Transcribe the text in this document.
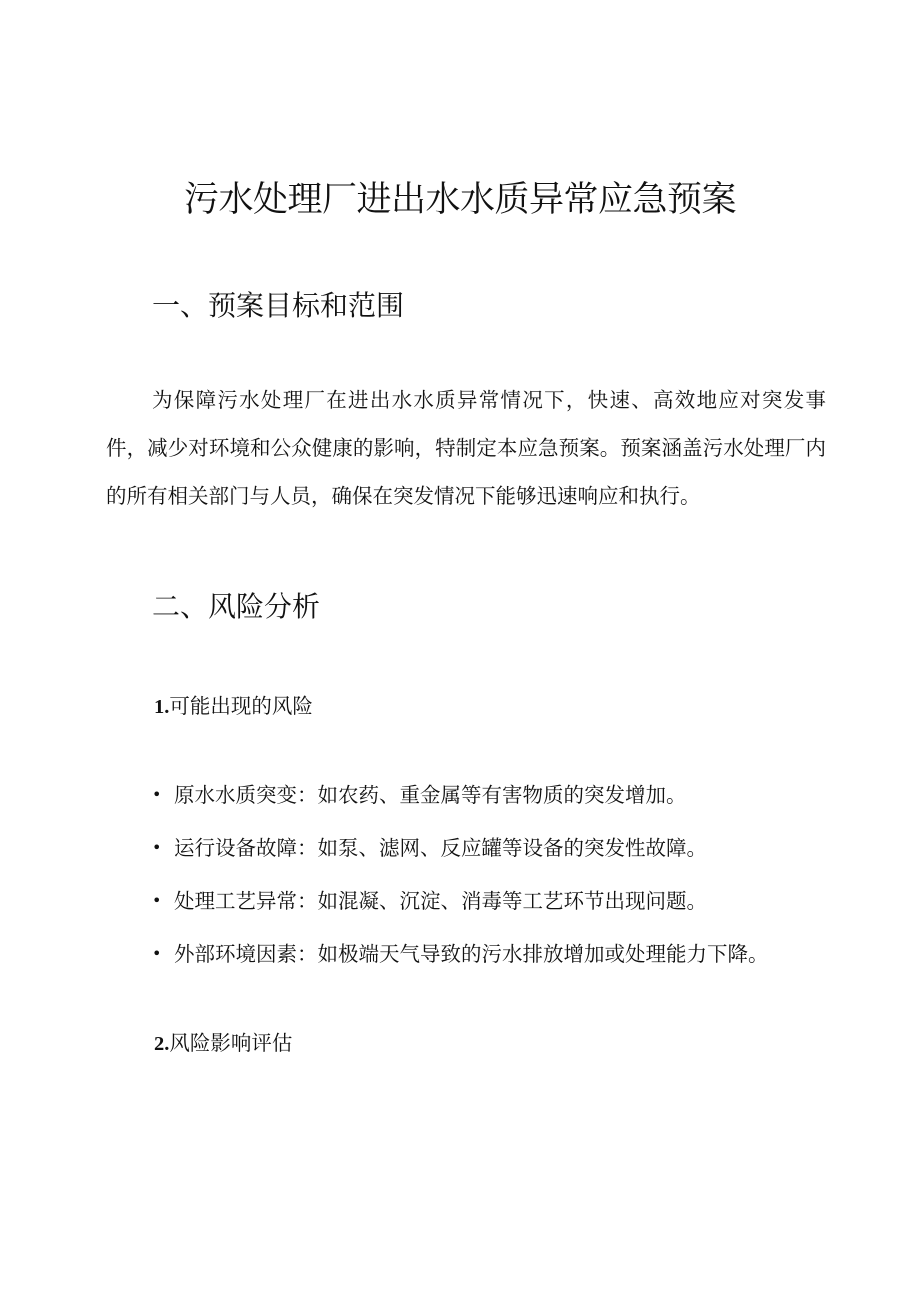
污水处理厂进出水水质异常应急预案
一、预案目标和范围

为保障污水处理厂在进出水水质异常情况下，快速、高效地应对突发事件，减少对环境和公众健康的影响，特制定本应急预案。预案涵盖污水处理厂内的所有相关部门与人员，确保在突发情况下能够迅速响应和执行。

二、风险分析
1.可能出现的风险
• 原水水质突变：如农药、重金属等有害物质的突发增加。
• 运行设备故障：如泵、滤网、反应罐等设备的突发性故障。
• 处理工艺异常：如混凝、沉淀、消毒等工艺环节出现问题。
• 外部环境因素：如极端天气导致的污水排放增加或处理能力下降。
2.风险影响评估
